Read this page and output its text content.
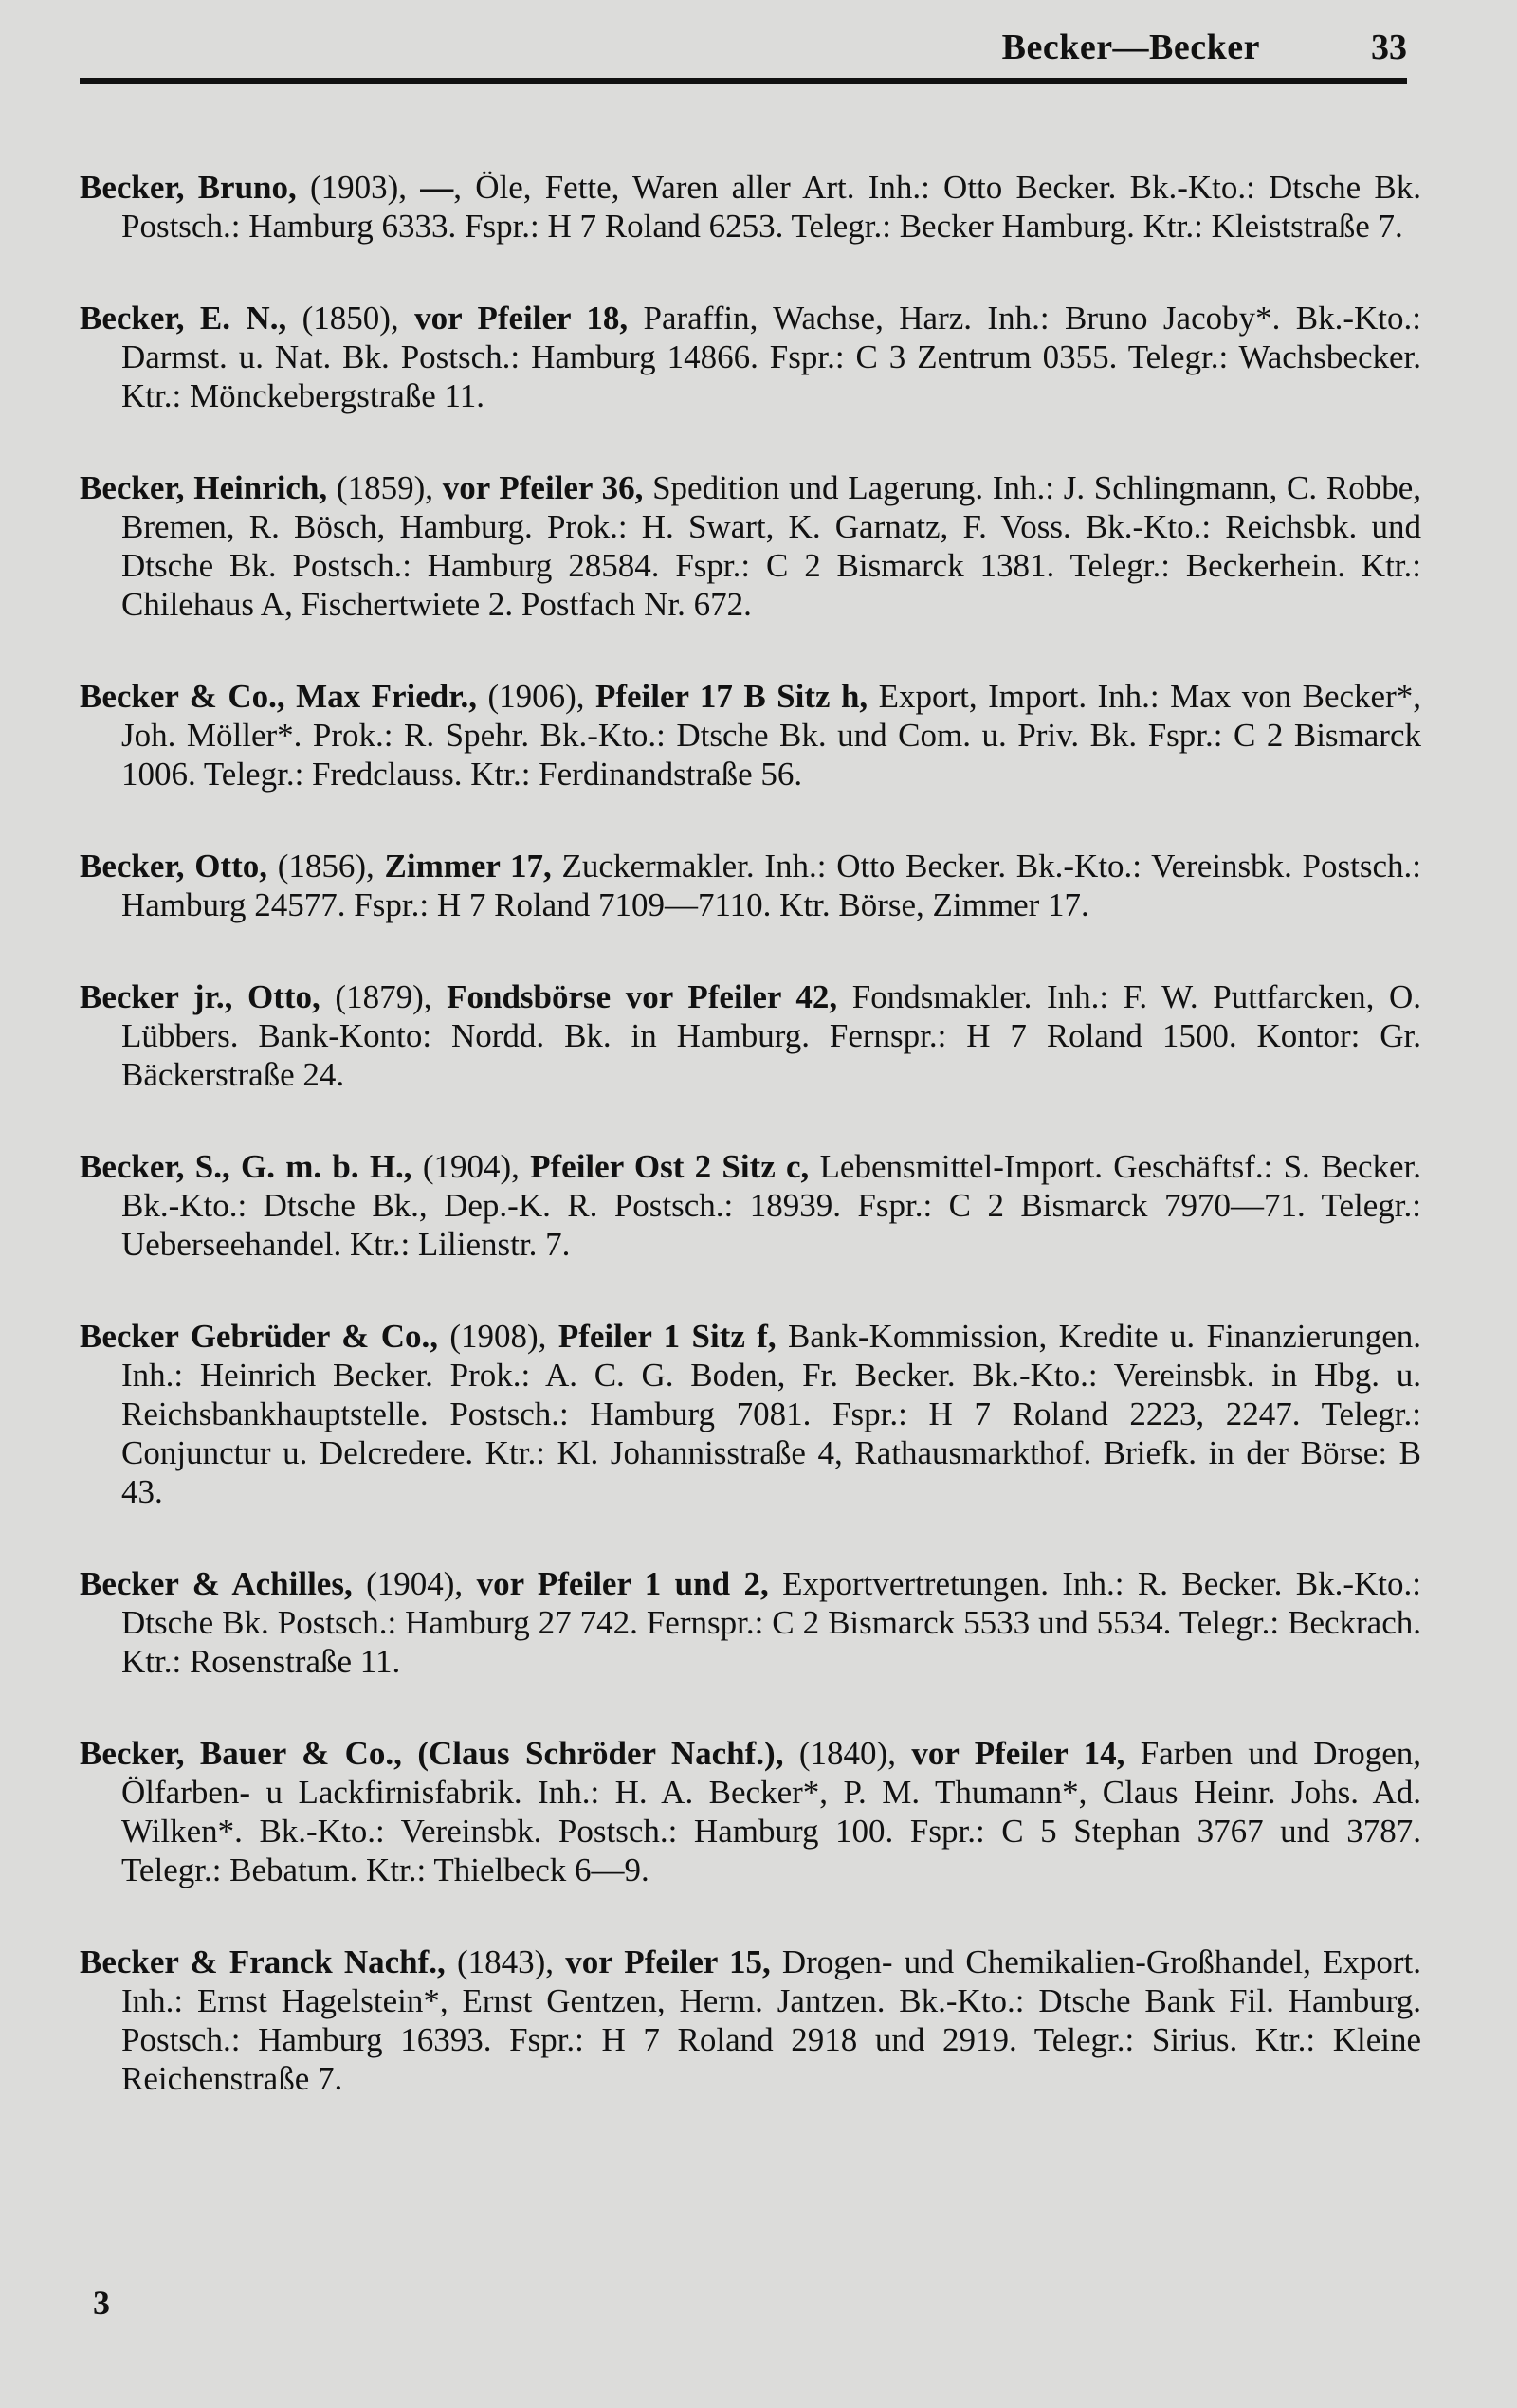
Becker—Becker	33

Becker, Bruno, (1903), —, Öle, Fette, Waren aller Art. Inh.: Otto Becker. Bk.-Kto.: Dtsche Bk. Postsch.: Hamburg 6333. Fspr.: H 7 Roland 6253. Telegr.: Becker Hamburg. Ktr.: Kleiststraße 7.

Becker, E. N., (1850), vor Pfeiler 18, Paraffin, Wachse, Harz. Inh.: Bruno Jacoby*. Bk.-Kto.: Darmst. u. Nat. Bk. Postsch.: Hamburg 14866. Fspr.: C 3 Zentrum 0355. Telegr.: Wachsbecker. Ktr.: Mönckebergstraße 11.

Becker, Heinrich, (1859), vor Pfeiler 36, Spedition und Lagerung. Inh.: J. Schlingmann, C. Robbe, Bremen, R. Bösch, Hamburg. Prok.: H. Swart, K. Garnatz, F. Voss. Bk.-Kto.: Reichsbk. und Dtsche Bk. Postsch.: Hamburg 28584. Fspr.: C 2 Bismarck 1381. Telegr.: Beckerhein. Ktr.: Chilehaus A, Fischertwiete 2. Postfach Nr. 672.

Becker & Co., Max Friedr., (1906), Pfeiler 17 B Sitz h, Export, Import. Inh.: Max von Becker*, Joh. Möller*. Prok.: R. Spehr. Bk.-Kto.: Dtsche Bk. und Com. u. Priv. Bk. Fspr.: C 2 Bismarck 1006. Telegr.: Fredclauss. Ktr.: Ferdinandstraße 56.

Becker, Otto, (1856), Zimmer 17, Zuckermakler. Inh.: Otto Becker. Bk.-Kto.: Vereinsbk. Postsch.: Hamburg 24577. Fspr.: H 7 Roland 7109—7110. Ktr. Börse, Zimmer 17.

Becker jr., Otto, (1879), Fondsbörse vor Pfeiler 42, Fondsmakler. Inh.: F. W. Puttfarcken, O. Lübbers. Bank-Konto: Nordd. Bk. in Hamburg. Fernspr.: H 7 Roland 1500. Kontor: Gr. Bäckerstraße 24.

Becker, S., G. m. b. H., (1904), Pfeiler Ost 2 Sitz c, Lebensmittel-Import. Geschäftsf.: S. Becker. Bk.-Kto.: Dtsche Bk., Dep.-K. R. Postsch.: 18939. Fspr.: C 2 Bismarck 7970—71. Telegr.: Ueberseehandel. Ktr.: Lilienstr. 7.

Becker Gebrüder & Co., (1908), Pfeiler 1 Sitz f, Bank-Kommission, Kredite u. Finanzierungen. Inh.: Heinrich Becker. Prok.: A. C. G. Boden, Fr. Becker. Bk.-Kto.: Vereinsbk. in Hbg. u. Reichsbankhauptstelle. Postsch.: Hamburg 7081. Fspr.: H 7 Roland 2223, 2247. Telegr.: Conjunctur u. Delcredere. Ktr.: Kl. Johannisstraße 4, Rathausmarkthof. Briefk. in der Börse: B 43.

Becker & Achilles, (1904), vor Pfeiler 1 und 2, Exportvertretungen. Inh.: R. Becker. Bk.-Kto.: Dtsche Bk. Postsch.: Hamburg 27 742. Fernspr.: C 2 Bismarck 5533 und 5534. Telegr.: Beckrach. Ktr.: Rosenstraße 11.

Becker, Bauer & Co., (Claus Schröder Nachf.), (1840), vor Pfeiler 14, Farben und Drogen, Ölfarben- u Lackfirnisfabrik. Inh.: H. A. Becker*, P. M. Thumann*, Claus Heinr. Johs. Ad. Wilken*. Bk.-Kto.: Vereinsbk. Postsch.: Hamburg 100. Fspr.: C 5 Stephan 3767 und 3787. Telegr.: Bebatum. Ktr.: Thielbeck 6—9.

Becker & Franck Nachf., (1843), vor Pfeiler 15, Drogen- und Chemikalien-Großhandel, Export. Inh.: Ernst Hagelstein*, Ernst Gentzen, Herm. Jantzen. Bk.-Kto.: Dtsche Bank Fil. Hamburg. Postsch.: Hamburg 16393. Fspr.: H 7 Roland 2918 und 2919. Telegr.: Sirius. Ktr.: Kleine Reichenstraße 7.

3
